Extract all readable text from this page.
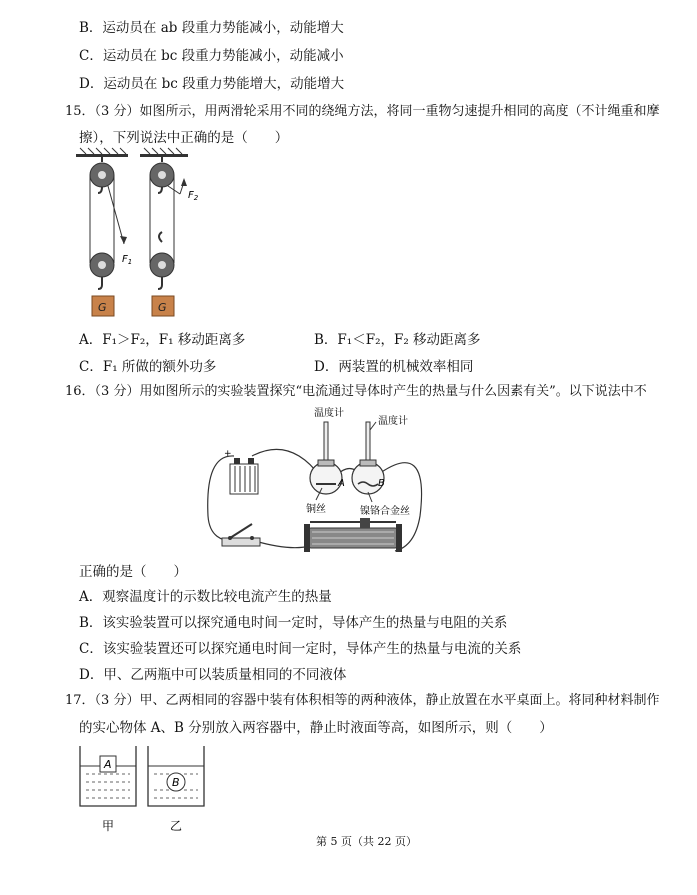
B．运动员在 ab 段重力势能减小，动能增大
C．运动员在 bc 段重力势能减小，动能减小
D．运动员在 bc 段重力势能增大，动能增大
15．（3 分）如图所示，用两滑轮采用不同的绕绳方法，将同一重物匀速提升相同的高度（不计绳重和摩
擦），下列说法中正确的是（　　）
$F_1$
G
$F_2$
G
A．F₁＞F₂，F₁ 移动距离多	B．F₁＜F₂，F₂ 移动距离多
C．F₁ 所做的额外功多	D．两装置的机械效率相同
16．（3 分）用如图所示的实验装置探究“电流通过导体时产生的热量与什么因素有关”。以下说法中不
+
温度计
A
温度计
B
铜丝	镍铬合金丝
正确的是（　　）
A．观察温度计的示数比较电流产生的热量
B．该实验装置可以探究通电时间一定时，导体产生的热量与电阻的关系
C．该实验装置还可以探究通电时间一定时，导体产生的热量与电流的关系
D．甲、乙两瓶中可以装质量相同的不同液体
17．（3 分）甲、乙两相同的容器中装有体积相等的两种液体，静止放置在水平桌面上。将同种材料制作
的实心物体 A、B 分别放入两容器中，静止时液面等高，如图所示，则（　　）
A
甲
B
乙
第 5 页（共 22 页）
